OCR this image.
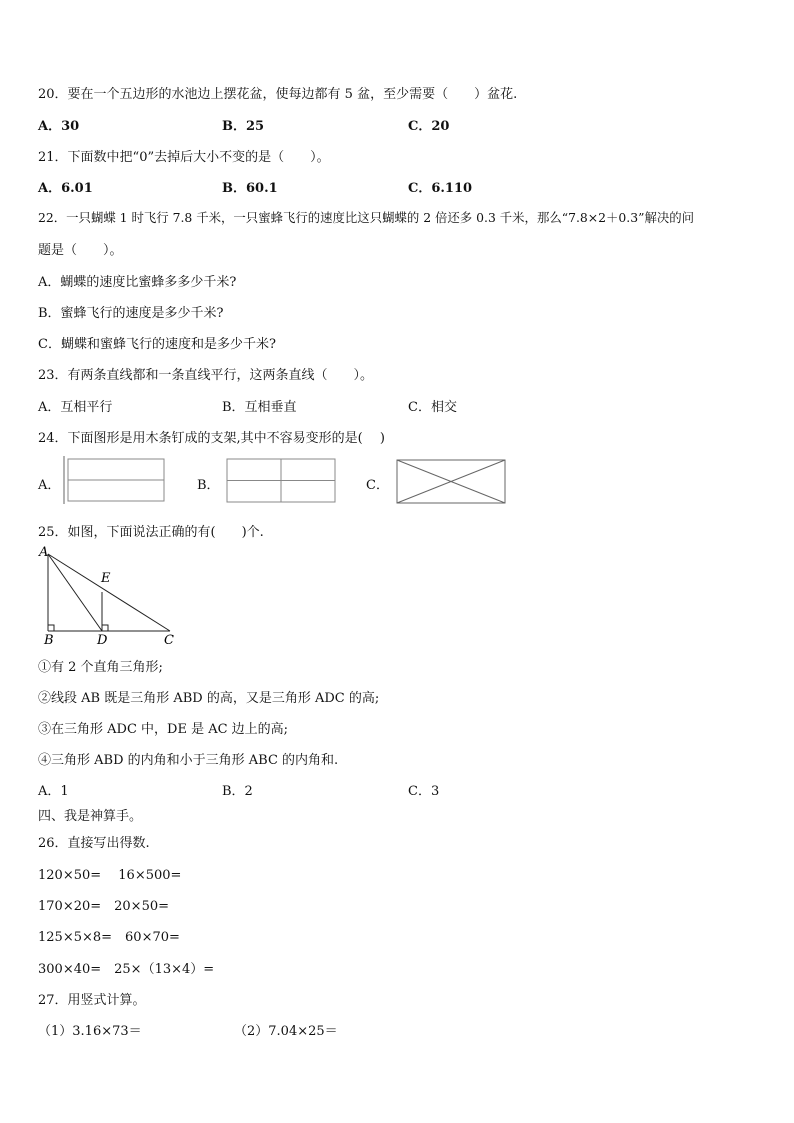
20．要在一个五边形的水池边上摆花盆，使每边都有 5 盆，至少需要（　　）盆花.
A．30	B．25	C．20
21．下面数中把“0”去掉后大小不变的是（　　）。
A．6.01	B．60.1	C．6.110
22．一只蝴蝶 1 时飞行 7.8 千米，一只蜜蜂飞行的速度比这只蝴蝶的 2 倍还多 0.3 千米，那么“7.8×2＋0.3”解决的问
题是（　　）。
A．蝴蝶的速度比蜜蜂多多少千米?
B．蜜蜂飞行的速度是多少千米?
C．蝴蝶和蜜蜂飞行的速度和是多少千米?
23．有两条直线都和一条直线平行，这两条直线（　　）。
A．互相平行	B．互相垂直	C．相交
24．下面图形是用木条钉成的支架,其中不容易变形的是(　 )
A．	B．	C．
25．如图，下面说法正确的有(　　)个.
A
B	D	C
E
①有 2 个直角三角形;
②线段 AB 既是三角形 ABD 的高，又是三角形 ADC 的高;
③在三角形 ADC 中，DE 是 AC 边上的高;
④三角形 ABD 的内角和小于三角形 ABC 的内角和.
A．1	B．2	C．3
四、我是神算手。
26．直接写出得数.
120×50=　 16×500=
170×20=　20×50=
125×5×8=　60×70=
300×40=　25×（13×4）=
27．用竖式计算。
（1）3.16×73＝	（2）7.04×25＝
